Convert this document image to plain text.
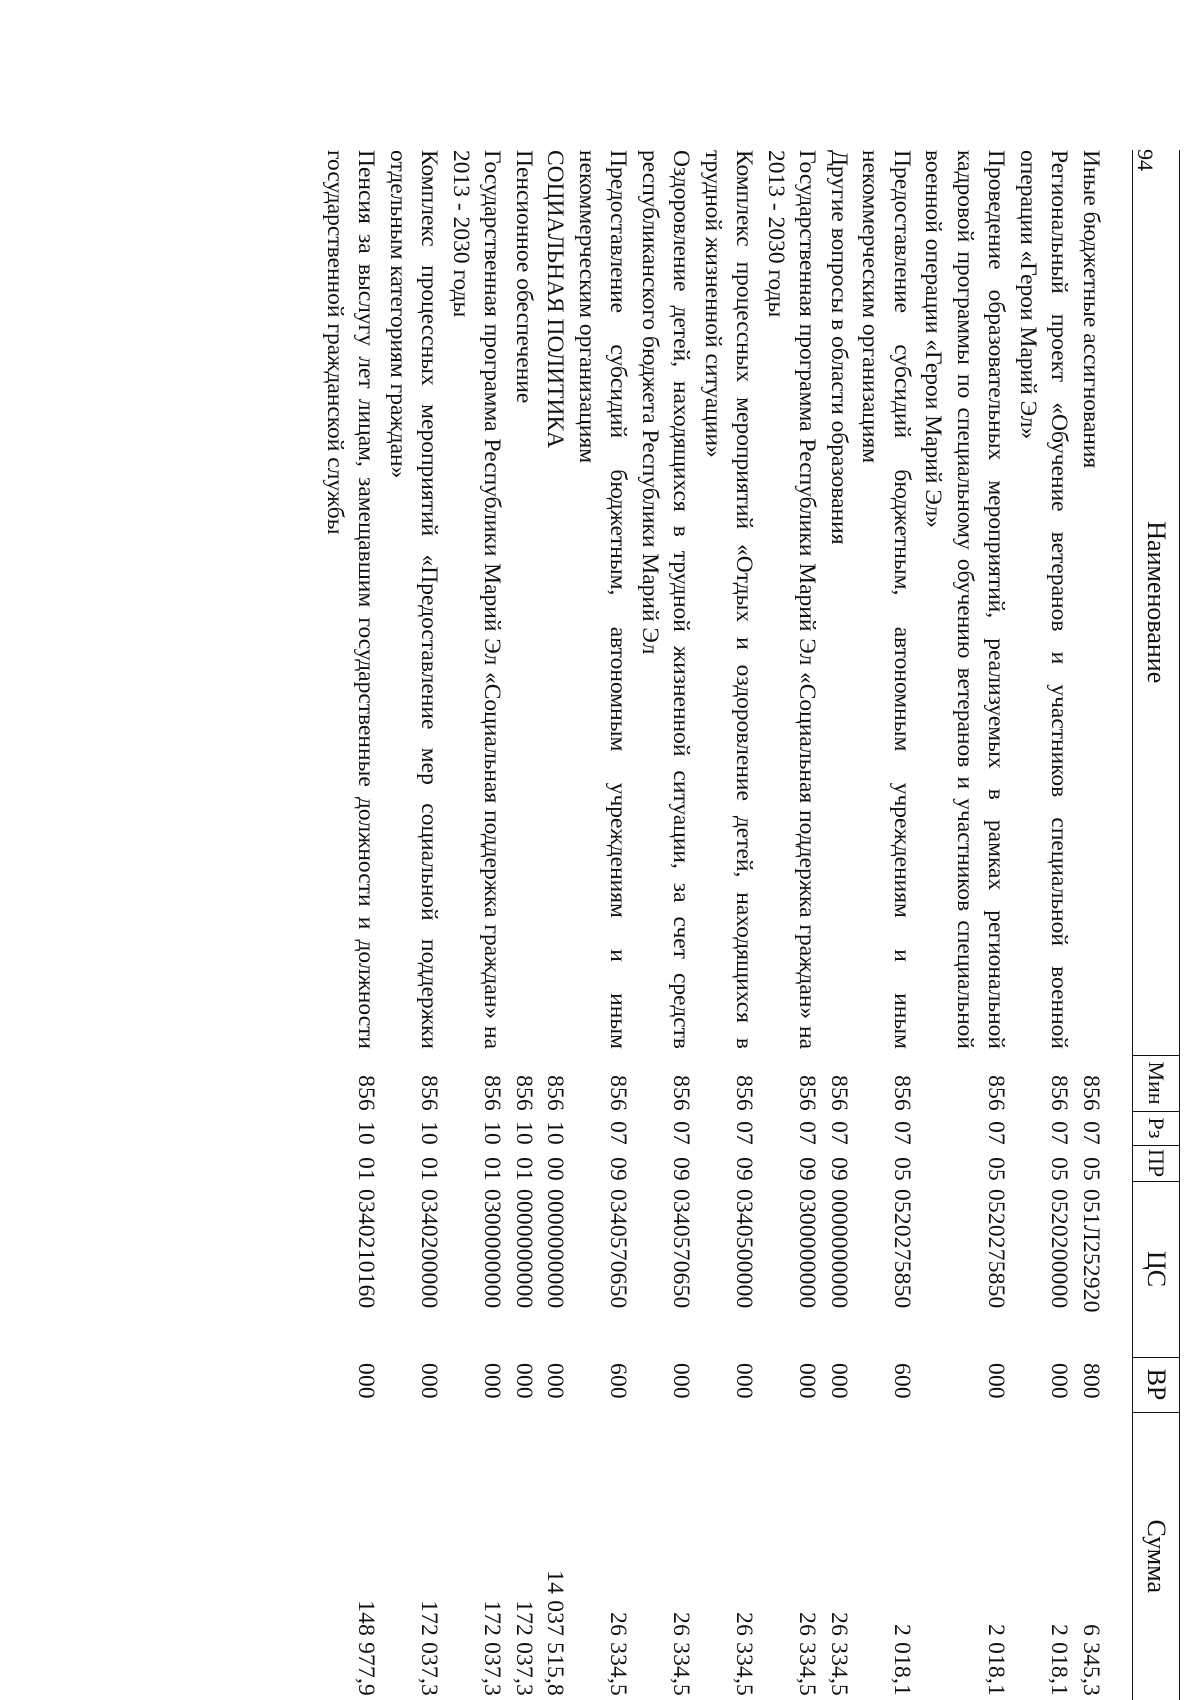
94
Наименование	Мин	Рз	ПР	ЦС	ВР	Сумма
Иные бюджетные ассигнования	856	07	05	051Л252920	800	6 345,3
Региональный проект «Обучение ветеранов и участников специальной военной операции «Герои Марий Эл»	856	07	05	0520200000	000	2 018,1
Проведение образовательных мероприятий, реализуемых в рамках региональной кадровой программы по специальному обучению ветеранов и участников специальной военной операции «Герои Марий Эл»	856	07	05	0520275850	000	2 018,1
Предоставление субсидий бюджетным, автономным учреждениям и иным некоммерческим организациям	856	07	05	0520275850	600	2 018,1
Другие вопросы в области образования	856	07	09	0000000000	000	26 334,5
Государственная программа Республики Марий Эл «Социальная поддержка граждан» на 2013 - 2030 годы	856	07	09	0300000000	000	26 334,5
Комплекс процессных мероприятий «Отдых и оздоровление детей, находящихся в трудной жизненной ситуации»	856	07	09	0340500000	000	26 334,5
Оздоровление детей, находящихся в трудной жизненной ситуации, за счет средств республиканского бюджета Республики Марий Эл	856	07	09	0340570650	000	26 334,5
Предоставление субсидий бюджетным, автономным учреждениям и иным некоммерческим организациям	856	07	09	0340570650	600	26 334,5
СОЦИАЛЬНАЯ ПОЛИТИКА	856	10	00	0000000000	000	14 037 515,8
Пенсионное обеспечение	856	10	01	0000000000	000	172 037,3
Государственная программа Республики Марий Эл «Социальная поддержка граждан» на 2013 - 2030 годы	856	10	01	0300000000	000	172 037,3
Комплекс процессных мероприятий «Предоставление мер социальной поддержки отдельным категориям граждан»	856	10	01	0340200000	000	172 037,3
Пенсия за выслугу лет лицам, замещавшим государственные должности и должности государственной гражданской службы	856	10	01	0340210160	000	148 977,9
